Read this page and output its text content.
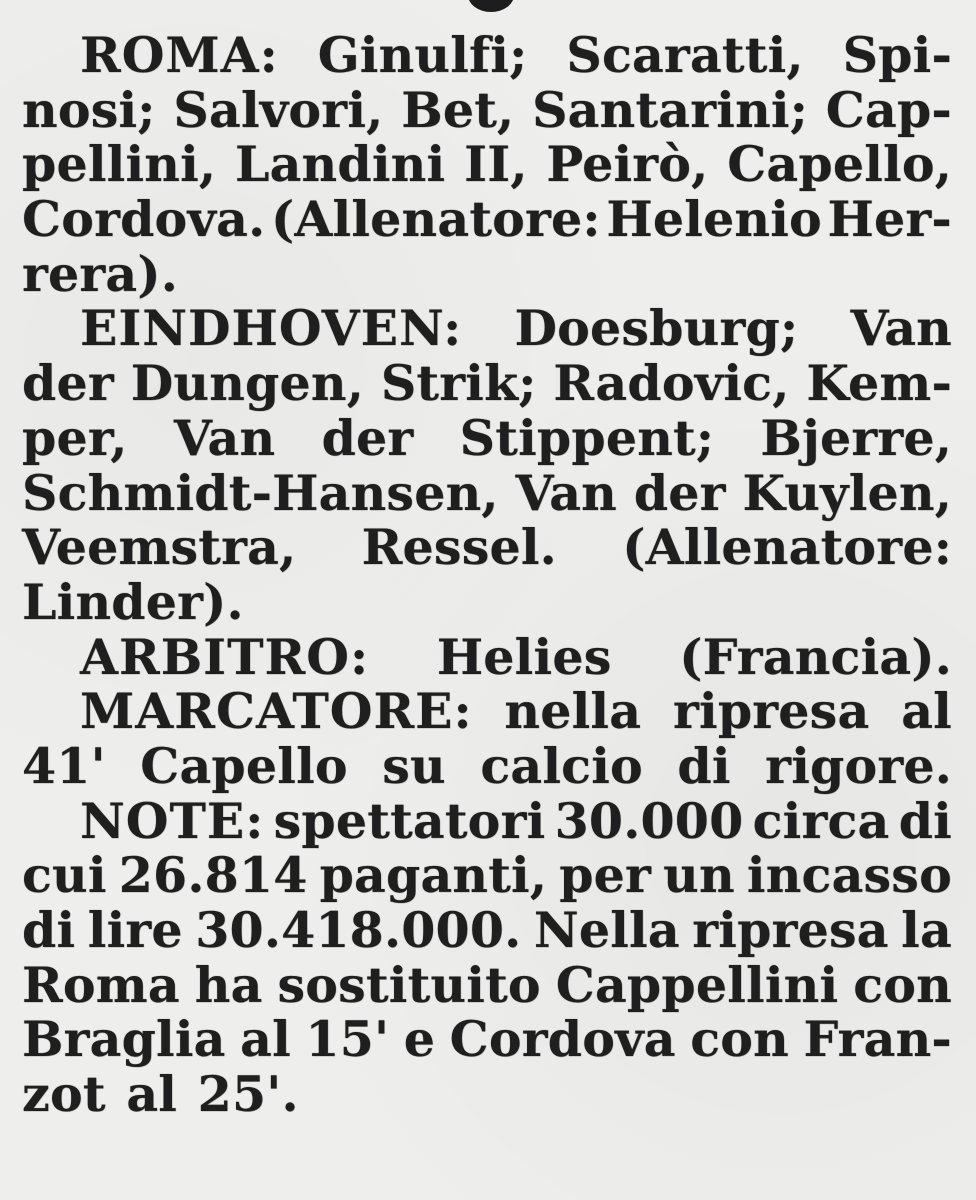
ROMA: Ginulfi; Scaratti, Spi-
nosi; Salvori, Bet, Santarini; Cap-
pellini, Landini II, Peirò, Capello,
Cordova. (Allenatore: Helenio Her-
rera).
EINDHOVEN: Doesburg; Van
der Dungen, Strik; Radovic, Kem-
per, Van der Stippent; Bjerre,
Schmidt-Hansen, Van der Kuylen,
Veemstra, Ressel. (Allenatore:
Linder).
ARBITRO: Helies (Francia).
MARCATORE: nella ripresa al
41' Capello su calcio di rigore.
NOTE: spettatori 30.000 circa di
cui 26.814 paganti, per un incasso
di lire 30.418.000. Nella ripresa la
Roma ha sostituito Cappellini con
Braglia al 15' e Cordova con Fran-
zot al 25'.
